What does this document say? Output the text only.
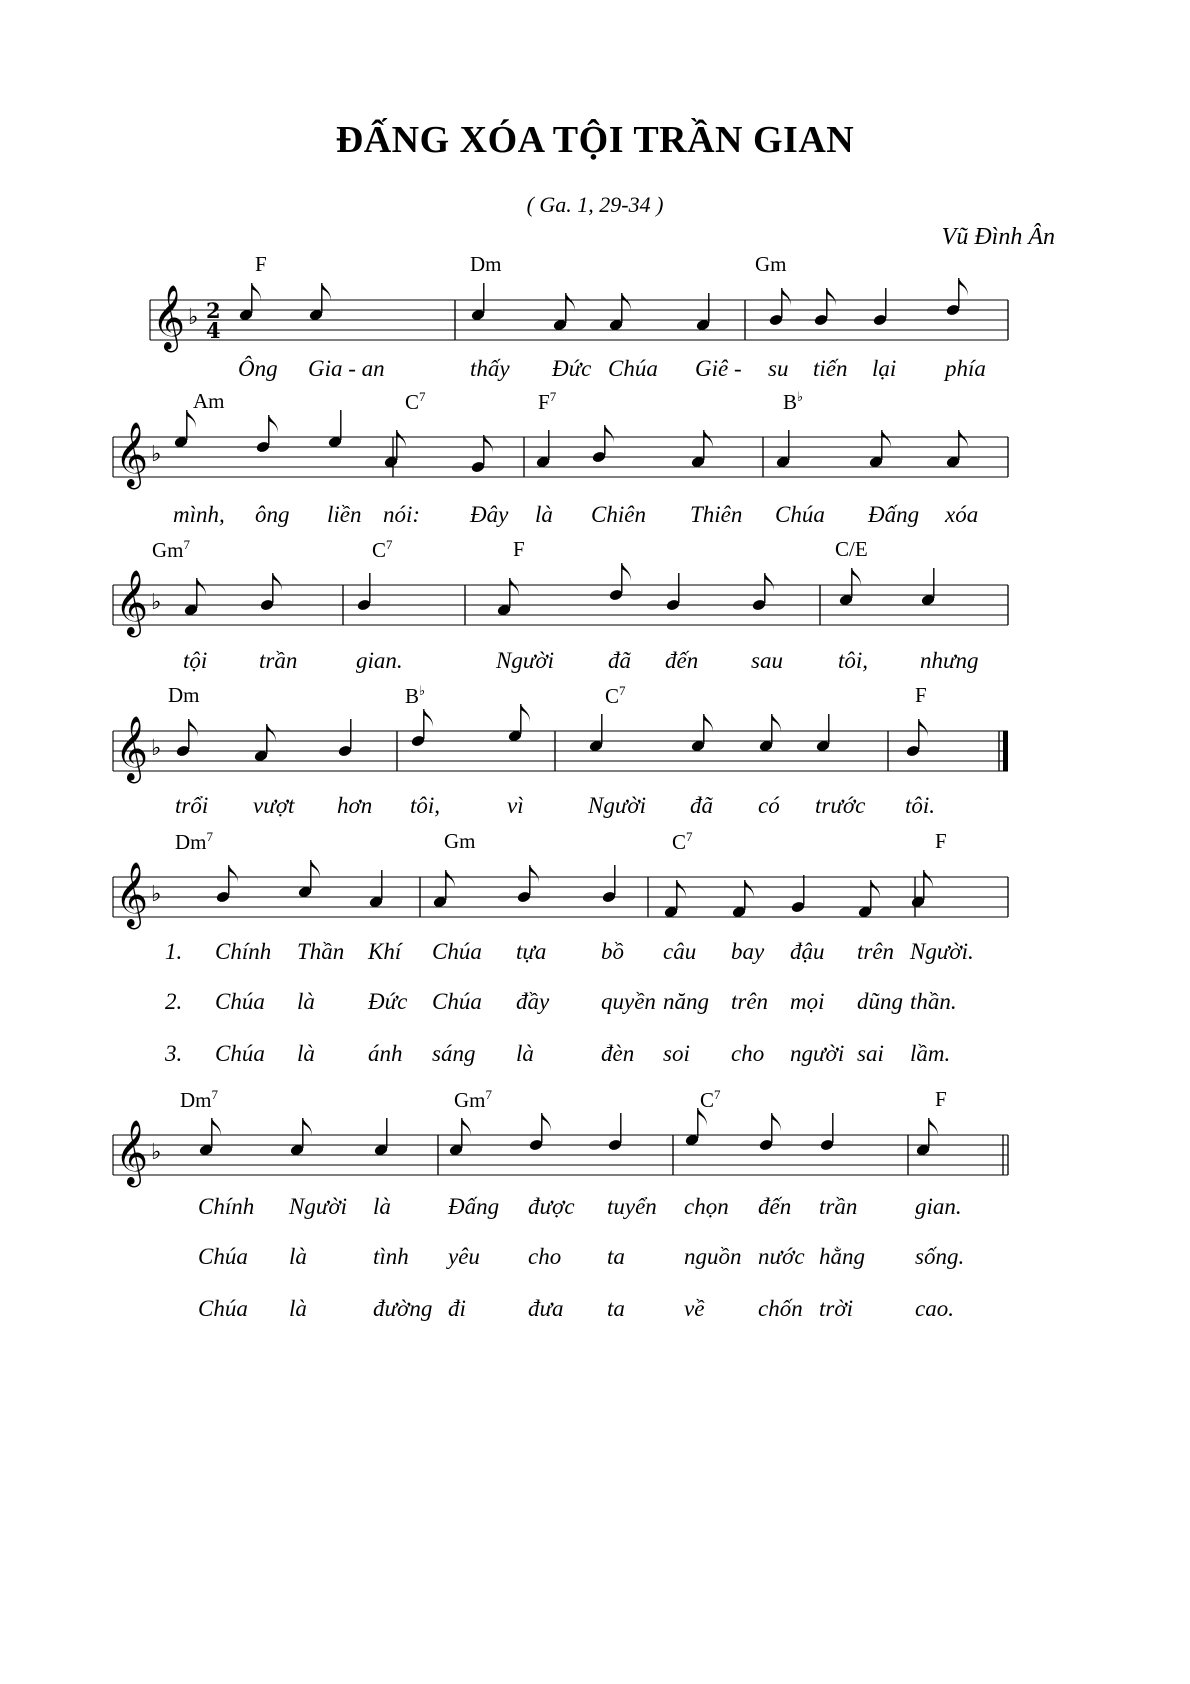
ĐẤNG XÓA TỘI TRẦN GIAN
( Ga. 1, 29-34 )
Vũ Đình Ân
𝄞 ♭ 2
4
F	Dm	Gm
Ông Gia - an	thấy Đức Chúa Giê - su tiến lại phía
𝄞 ♭
Am	$C^7$	$F^7$	B♭
mình, ông liền nói: Đây là Chiên Thiên Chúa Đấng xóa
𝄞 ♭
Gm$^7$	$C^7$	F	C/E
tội trần	gian.	Người đã đến sau tôi, nhưng
𝄞 ♭
Dm	B♭	$C^7$	F
trổi vượt hơn tôi,	vì	Người đã có trước tôi.
𝄞 ♭
Dm$^7$	Gm	$C^7$	F
1. Chính Thần Khí Chúa tựa bồ câu bay đậu trên Người.
2. Chúa là Đức Chúa đầy quyền năng trên mọi dũng thần.
3. Chúa là ánh sáng là	đèn soi cho người sai lầm.
𝄞 ♭
Dm$^7$	Gm$^7$	$C^7$	F
Chính Người là Đấng được tuyển chọn đến trần	gian.
Chúa là	tình yêu cho ta	nguồn nước hằng sống.
Chúa là	đường đi	đưa ta	về chốn trời	cao.
